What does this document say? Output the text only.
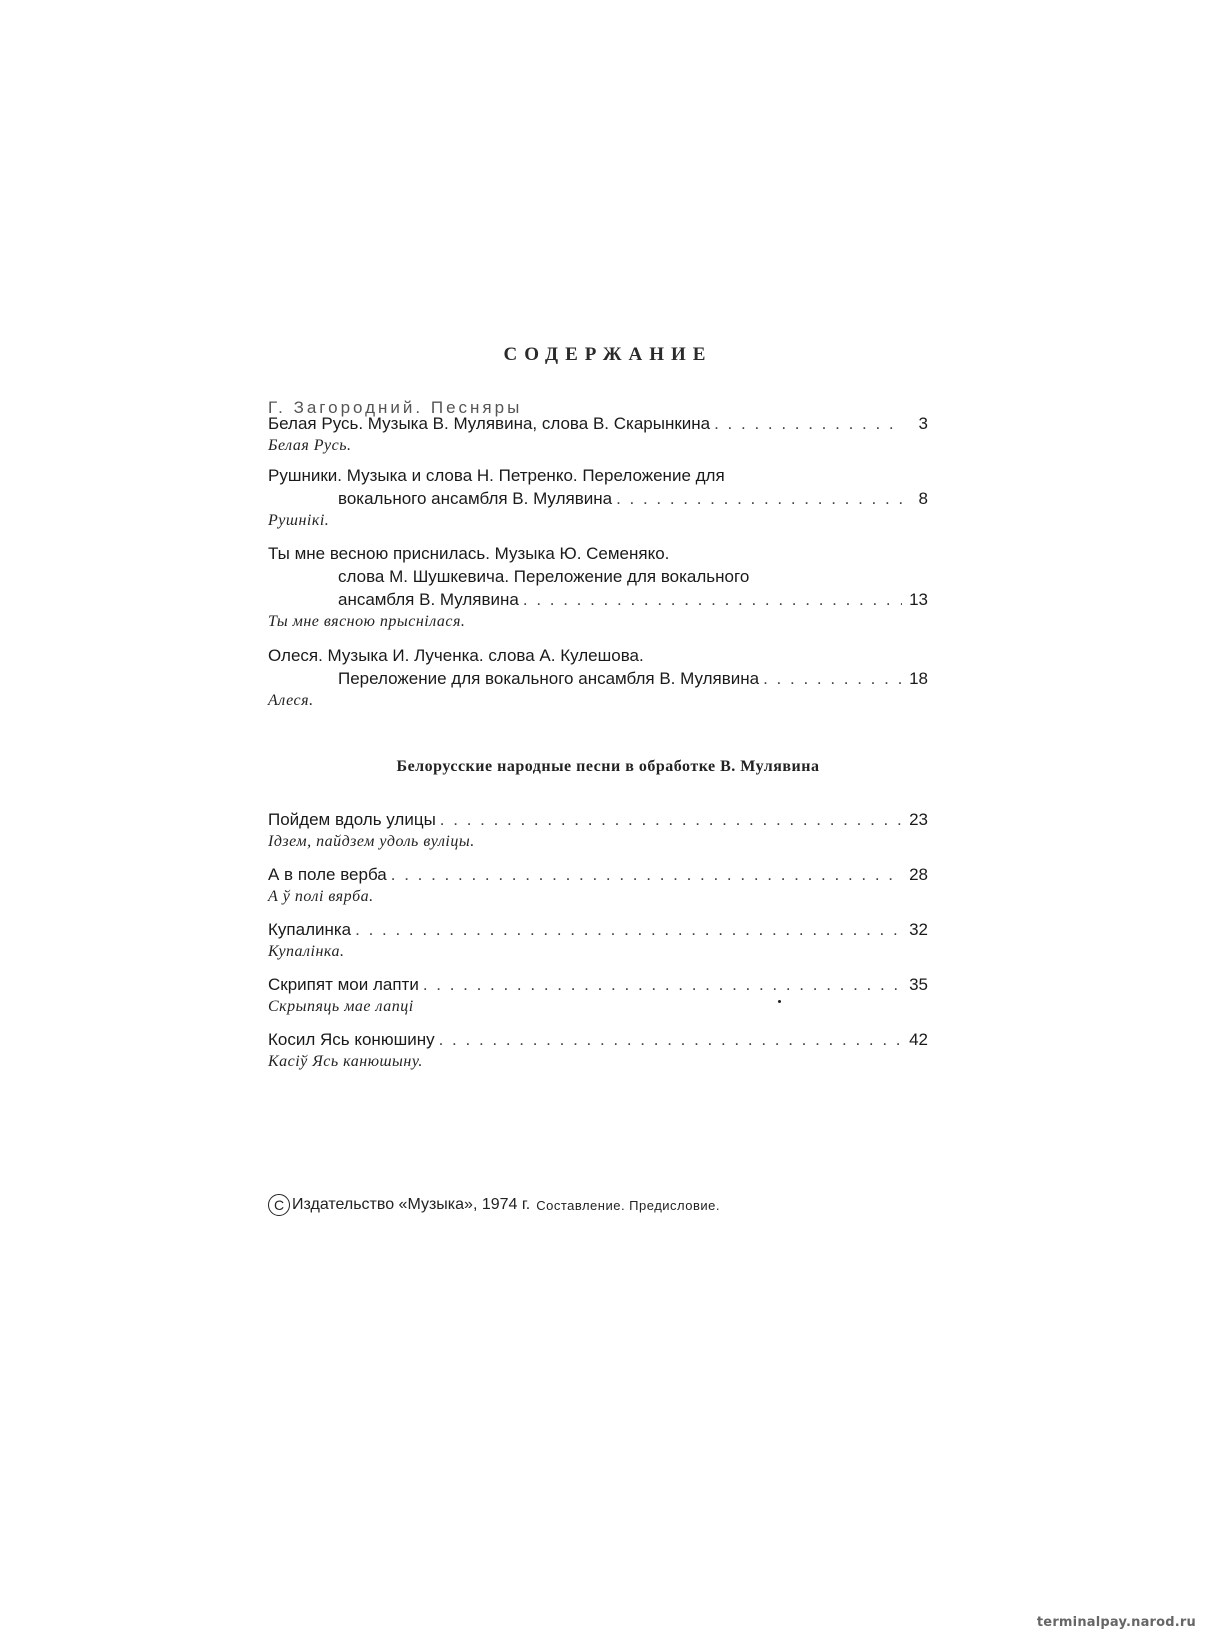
СОДЕРЖАНИЕ
Г. Загородний. Песняры
Белая Русь. Музыка В. Мулявина, слова В. Скарынкина . . .	3
Белая Русь.
Рушники. Музыка и слова Н. Петренко. Переложение для
вокального ансамбля В. Мулявина . . .	8
Рушнікі.
Ты мне весною приснилась. Музыка Ю. Семеняко.
слова М. Шушкевича. Переложение для вокального
ансамбля В. Мулявина . . .	13
Ты мне вясною прыснілася.
Олеся. Музыка И. Лученка. слова А. Кулешова.
Переложение для вокального ансамбля В. Мулявина . . .	18
Алеся.
Белорусские народные песни в обработке В. Мулявина
Пойдем вдоль улицы . . .	23
Ідзем, пайдзем удоль вуліцы.
А в поле верба . . .	28
А ў полі вярба.
Купалинка . . .	32
Купалінка.
Скрипят мои лапти . . .	35
Скрыпяць мае лапці
Косил Ясь конюшину . . .	42
Касіў Ясь канюшыну.
C Издательство «Музыка», 1974 г. Составление. Предисловие.
terminalpay.narod.ru
